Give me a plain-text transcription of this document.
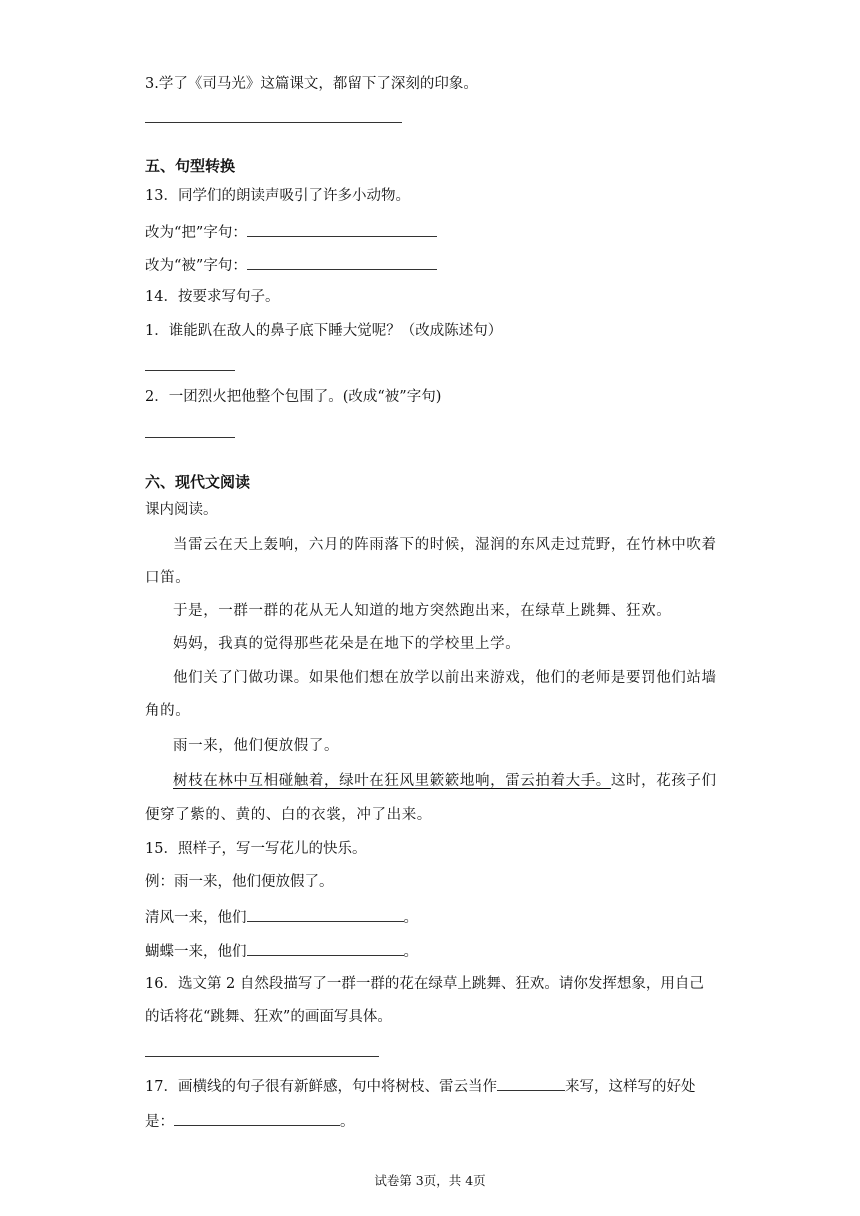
3.学了《司马光》这篇课文，都留下了深刻的印象。
五、句型转换
13．同学们的朗读声吸引了许多小动物。
改为“把”字句：
改为“被”字句：
14．按要求写句子。
1．谁能趴在敌人的鼻子底下睡大觉呢？（改成陈述句）
2．一团烈火把他整个包围了。(改成“被”字句)
六、现代文阅读
课内阅读。
当雷云在天上轰响，六月的阵雨落下的时候，湿润的东风走过荒野，在竹林中吹着
口笛。
于是，一群一群的花从无人知道的地方突然跑出来，在绿草上跳舞、狂欢。
妈妈，我真的觉得那些花朵是在地下的学校里上学。
他们关了门做功课。如果他们想在放学以前出来游戏，他们的老师是要罚他们站墙
角的。
雨一来，他们便放假了。
树枝在林中互相碰触着，绿叶在狂风里簌簌地响，雷云拍着大手。这时，花孩子们
便穿了紫的、黄的、白的衣裳，冲了出来。
15．照样子，写一写花儿的快乐。
例：雨一来，他们便放假了。
清风一来，他们	。
蝴蝶一来，他们	。
16．选文第 2 自然段描写了一群一群的花在绿草上跳舞、狂欢。请你发挥想象，用自己
的话将花“跳舞、狂欢”的画面写具体。
17．画横线的句子很有新鲜感，句中将树枝、雷云当作	来写，这样写的好处
是：	。
试卷第 3页，共 4页
